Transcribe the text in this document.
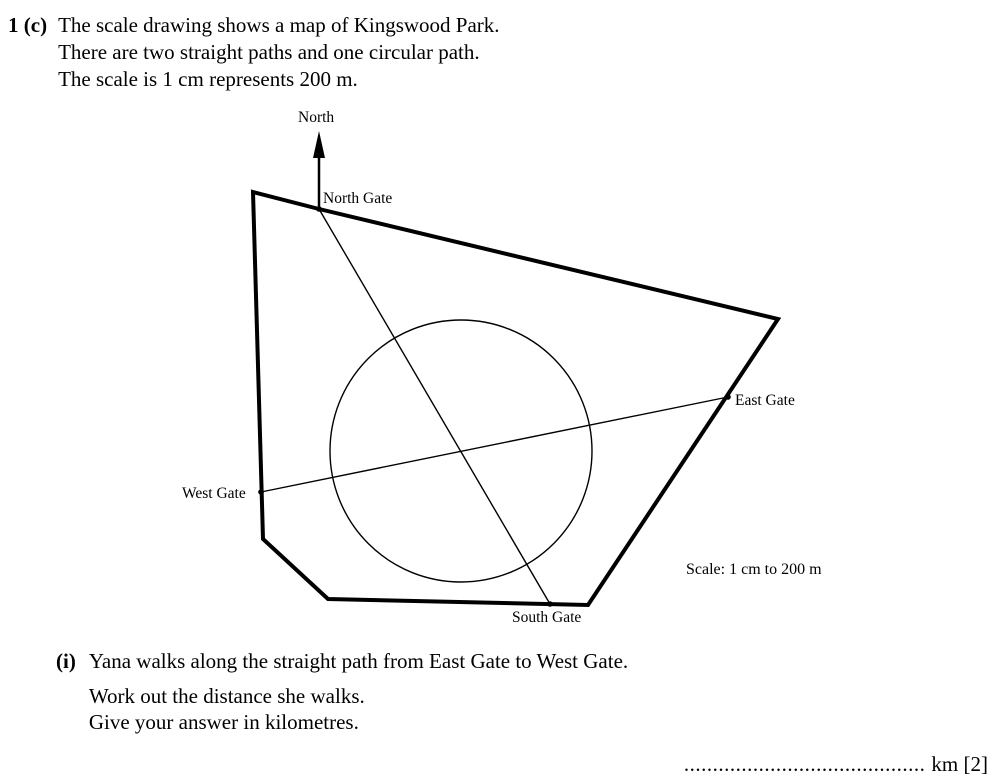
1 (c) The scale drawing shows a map of Kingswood Park.
There are two straight paths and one circular path.
The scale is 1 cm represents 200 m.
North
North Gate
East Gate
West Gate
South Gate
Scale: 1 cm to 200 m
(i) Yana walks along the straight path from East Gate to West Gate.
Work out the distance she walks.
Give your answer in kilometres.
.......................................... km [2]
